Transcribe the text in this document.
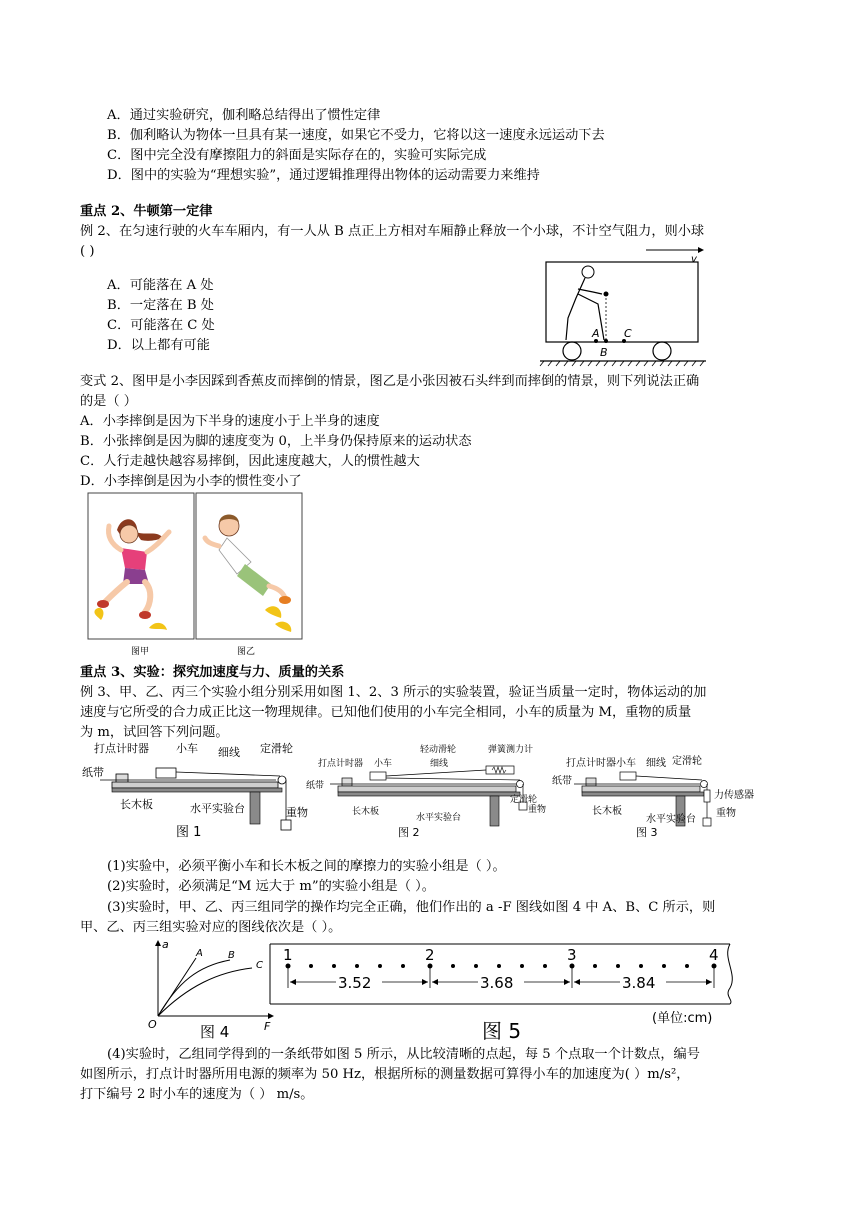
A．通过实验研究，伽利略总结得出了惯性定律
B．伽利略认为物体一旦具有某一速度，如果它不受力，它将以这一速度永远运动下去
C．图中完全没有摩擦阻力的斜面是实际存在的，实验可实际完成
D．图中的实验为“理想实验”，通过逻辑推理得出物体的运动需要力来维持
重点 2、牛顿第一定律
例 2、在匀速行驶的火车车厢内，有一人从 B 点正上方相对车厢静止释放一个小球，不计空气阻力，则小球
( )
A．可能落在 A 处
B．一定落在 B 处
C．可能落在 C 处
D．以上都有可能
v
A
B
C
变式 2、图甲是小李因踩到香蕉皮而摔倒的情景，图乙是小张因被石头绊到而摔倒的情景，则下列说法正确
的是（ ）
A．小李摔倒是因为下半身的速度小于上半身的速度
B．小张摔倒是因为脚的速度变为 0，上半身仍保持原来的运动状态
C．人行走越快越容易摔倒，因此速度越大，人的惯性越大
D．小李摔倒是因为小李的惯性变小了
图甲	图乙
重点 3、实验：探究加速度与力、质量的关系
例 3、甲、乙、丙三个实验小组分别采用如图 1、2、3 所示的实验装置，验证当质量一定时，物体运动的加
速度与它所受的合力成正比这一物理规律。已知他们使用的小车完全相同，小车的质量为 M，重物的质量
为 m，试回答下列问题。
打点计时器 小车 细线 定滑轮
纸带
长木板	水平实验台	重物
图 1
打点计时器 小车
轻动滑轮
细线
弹簧测力计
纸带
定滑轮
重物
长木板
水平实验台
图 2
打点计时器 小车 细线 定滑轮
纸带
力传感器
重物
长木板
水平实验台
图 3
(1)实验中，必须平衡小车和长木板之间的摩擦力的实验小组是（ ）。
(2)实验时，必须满足“M 远大于 m”的实验小组是（ ）。
(3)实验时，甲、乙、丙三组同学的操作均完全正确，他们作出的 a -F 图线如图 4 中 A、B、C 所示，则
甲、乙、丙三组实验对应的图线依次是（ ）。
a
F
O
A	B
C
图 4
1	2	3	4
3.52	3.68	3.84
(单位:cm)
图 5
(4)实验时，乙组同学得到的一条纸带如图 5 所示，从比较清晰的点起，每 5 个点取一个计数点，编号
如图所示，打点计时器所用电源的频率为 50 Hz，根据所标的测量数据可算得小车的加速度为( ）m/s²，
打下编号 2 时小车的速度为（ ） m/s。
